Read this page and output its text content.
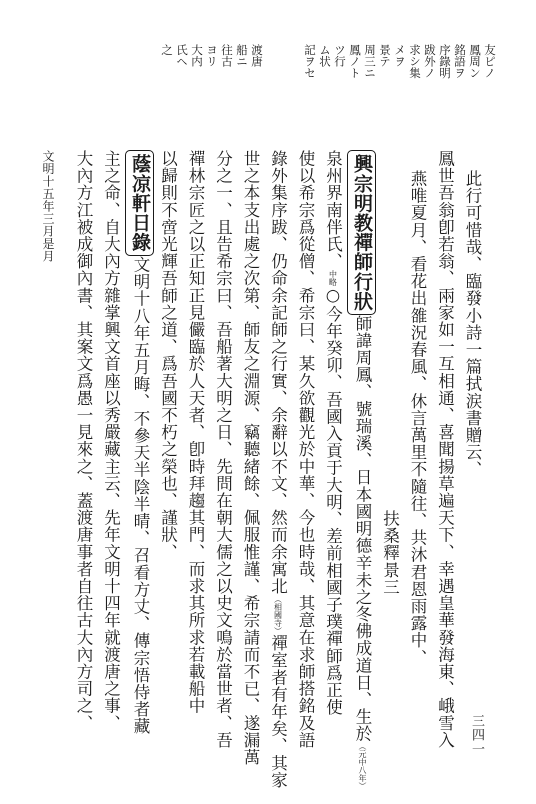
友ピノ
鳳周ン
銘語ヲ
序錄明
跋外ノ
求シ集
メヲ
景テ
周三ニ
鳳ノト
ツ行
ム状
記ヲセ
渡唐
船ニ
往古
ヨリ
大内
氏ヘ
之
此行可惜哉、臨發小詩一篇拭涙書贈云、
鳳世吾翁卽若翁、兩家如一互相通、喜聞揚草遍天下、幸遇皇華發海東、峨雪入
燕唯夏月、看花出雒況春風、休言萬里不隨往、共沐君恩雨露中、
扶桑釋景三
興宗明教禪師行狀師諱周鳳、號瑞溪、日本國明德辛未之冬佛成道日、生於（元中八年）
泉州界南伴氏、中略○今年癸卯、吾國入貢于大明、差前相國子璞禪師爲正使
使以希宗爲從僧、希宗曰、某久欲觀光於中華、今也時哉、其意在求師搭銘及語
錄外集序跋、仍命余記師之行實、余辭以不文、然而余寓北（相國寺）禪室者有年矣、其家
世之本支出處之次第、師友之淵源、竊聽緒餘、佩服惟謹、希宗請而不已、遂漏萬
分之一、且告希宗曰、吾船著大明之日、先問在朝大儒之以史文鳴於當世者、吾
禪林宗匠之以正知正見儼臨於人天者、卽時拜趨其門、而求其所求若載船中
以歸則不啻光輝吾師之道、爲吾國不朽之榮也、謹狀、
蔭凉軒日錄文明十八年五月晦、不參天半陰半晴、召看方丈、傳宗悟侍者藏
主之命、自大內方雜掌興文首座以秀嚴藏主云、先年文明十四年就渡唐之事、
大內方江被成御內書、其案文爲愚一見來之、蓋渡唐事者自往古大內方司之、
文明十五年三月是月
三四一
